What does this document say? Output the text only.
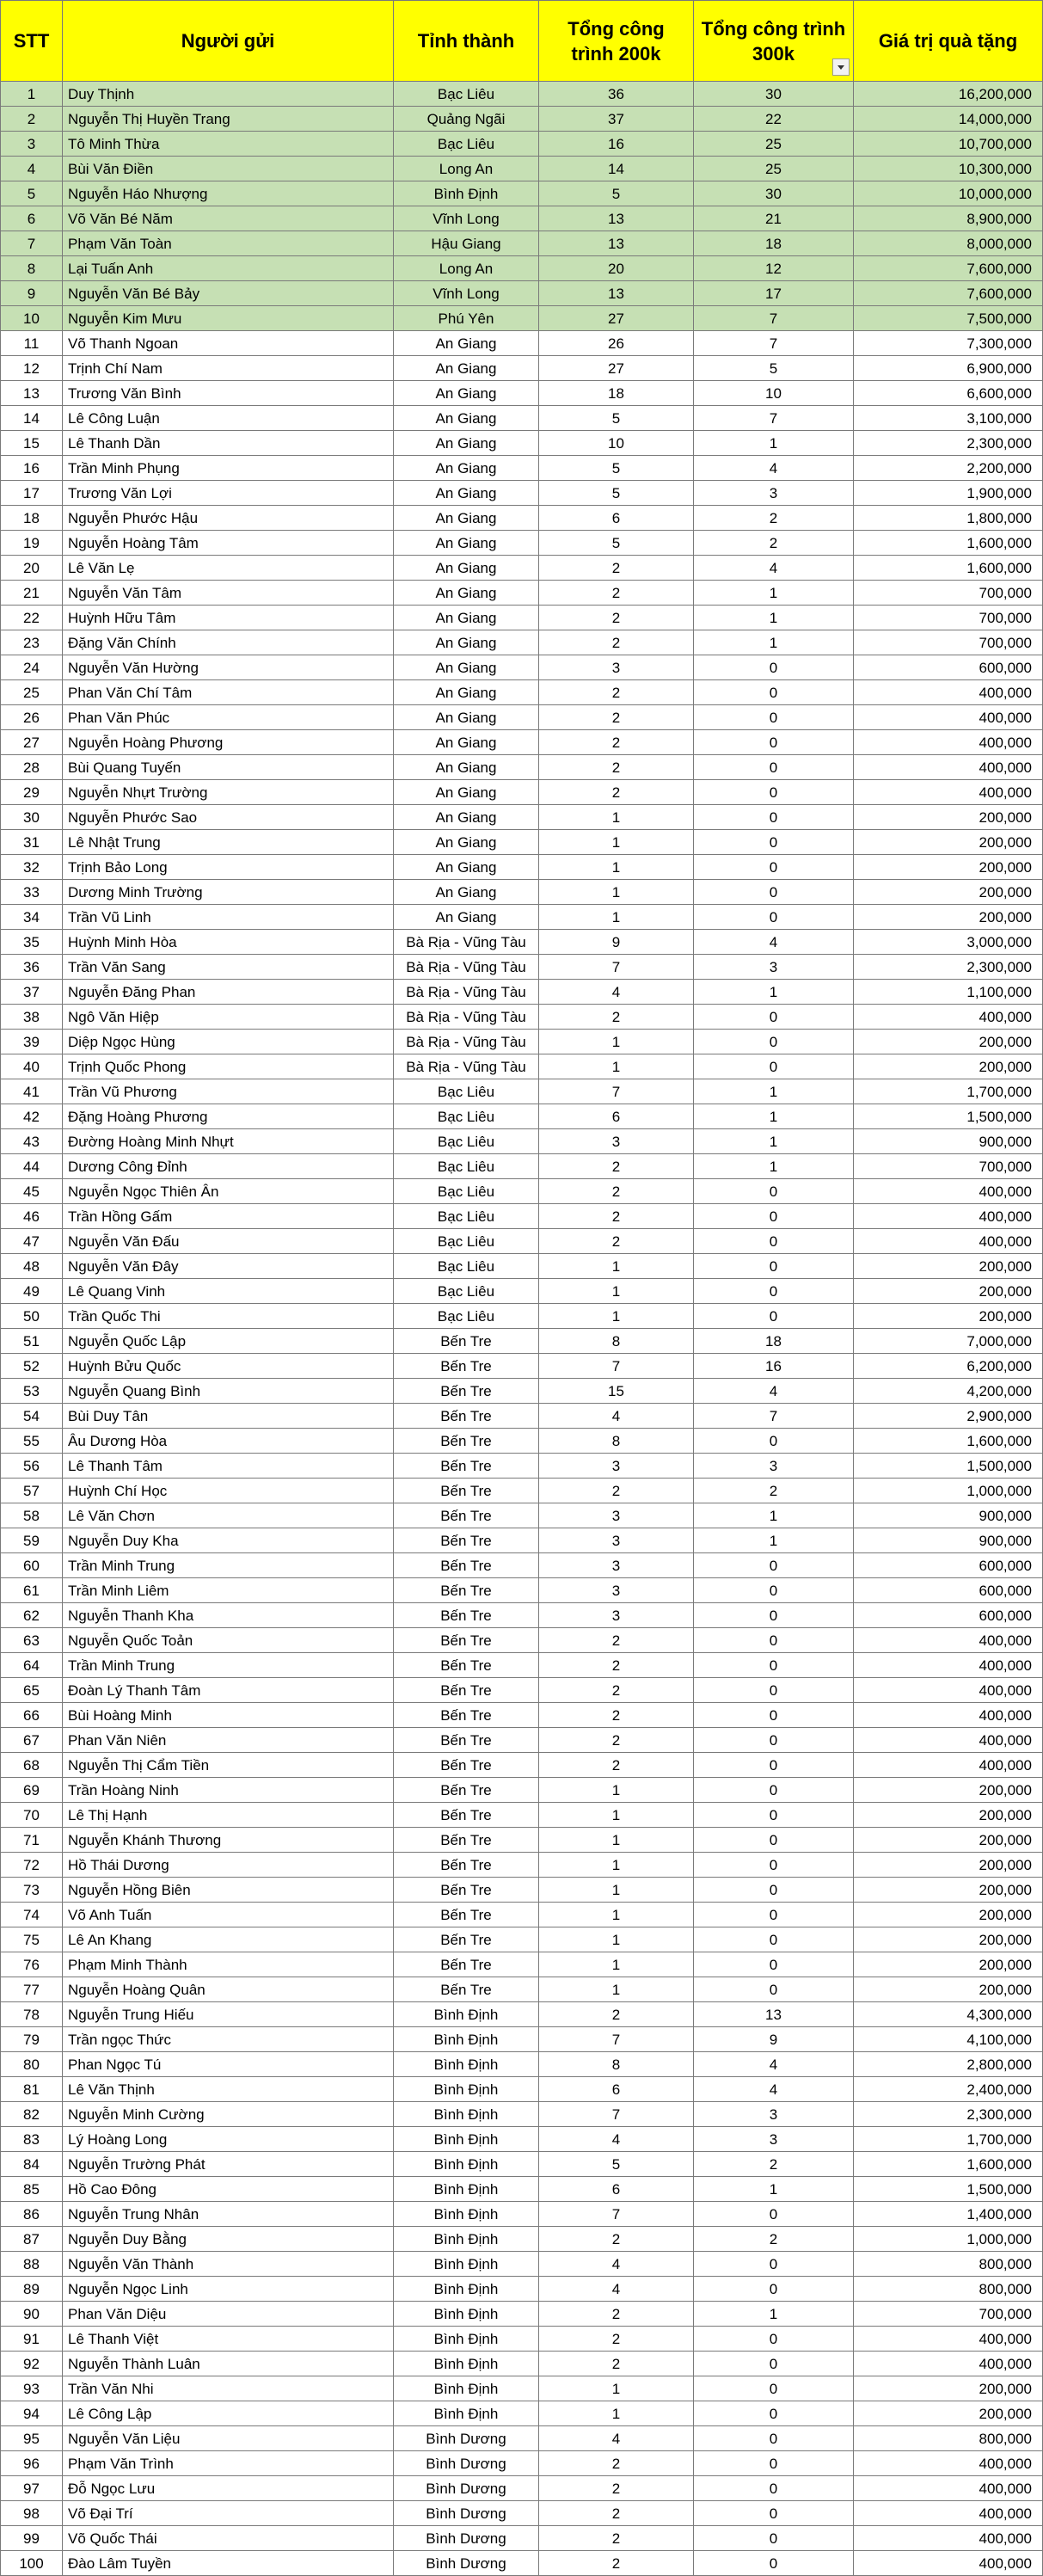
STT	Người gửi	Tỉnh thành	Tổng công trình 200k	Tổng công trình 300k	Giá trị quà tặng
1	Duy Thịnh	Bạc Liêu	36	30	16,200,000
2	Nguyễn Thị Huyền Trang	Quảng Ngãi	37	22	14,000,000
3	Tô Minh Thừa	Bạc Liêu	16	25	10,700,000
4	Bùi Văn Điền	Long An	14	25	10,300,000
5	Nguyễn Háo Nhượng	Bình Định	5	30	10,000,000
6	Võ Văn Bé Năm	Vĩnh Long	13	21	8,900,000
7	Phạm Văn Toàn	Hậu Giang	13	18	8,000,000
8	Lại Tuấn Anh	Long An	20	12	7,600,000
9	Nguyễn Văn Bé Bảy	Vĩnh Long	13	17	7,600,000
10	Nguyễn Kim Mưu	Phú Yên	27	7	7,500,000
11	Võ Thanh Ngoan	An Giang	26	7	7,300,000
12	Trịnh Chí Nam	An Giang	27	5	6,900,000
13	Trương Văn Bình	An Giang	18	10	6,600,000
14	Lê Công Luận	An Giang	5	7	3,100,000
15	Lê Thanh Dần	An Giang	10	1	2,300,000
16	Trần Minh Phụng	An Giang	5	4	2,200,000
17	Trương Văn Lợi	An Giang	5	3	1,900,000
18	Nguyễn Phước Hậu	An Giang	6	2	1,800,000
19	Nguyễn Hoàng Tâm	An Giang	5	2	1,600,000
20	Lê Văn Lẹ	An Giang	2	4	1,600,000
21	Nguyễn Văn Tâm	An Giang	2	1	700,000
22	Huỳnh Hữu Tâm	An Giang	2	1	700,000
23	Đặng Văn Chính	An Giang	2	1	700,000
24	Nguyễn Văn Hường	An Giang	3	0	600,000
25	Phan Văn Chí Tâm	An Giang	2	0	400,000
26	Phan Văn Phúc	An Giang	2	0	400,000
27	Nguyễn Hoàng Phương	An Giang	2	0	400,000
28	Bùi Quang Tuyến	An Giang	2	0	400,000
29	Nguyễn Nhựt Trường	An Giang	2	0	400,000
30	Nguyễn Phước Sao	An Giang	1	0	200,000
31	Lê Nhật Trung	An Giang	1	0	200,000
32	Trịnh Bảo Long	An Giang	1	0	200,000
33	Dương Minh Trường	An Giang	1	0	200,000
34	Trần Vũ Linh	An Giang	1	0	200,000
35	Huỳnh Minh Hòa	Bà Rịa - Vũng Tàu	9	4	3,000,000
36	Trần Văn Sang	Bà Rịa - Vũng Tàu	7	3	2,300,000
37	Nguyễn Đăng Phan	Bà Rịa - Vũng Tàu	4	1	1,100,000
38	Ngô Văn Hiệp	Bà Rịa - Vũng Tàu	2	0	400,000
39	Diệp Ngọc Hùng	Bà Rịa - Vũng Tàu	1	0	200,000
40	Trịnh Quốc Phong	Bà Rịa - Vũng Tàu	1	0	200,000
41	Trần Vũ Phương	Bạc Liêu	7	1	1,700,000
42	Đặng Hoàng Phương	Bạc Liêu	6	1	1,500,000
43	Đường Hoàng Minh Nhựt	Bạc Liêu	3	1	900,000
44	Dương Công Đỉnh	Bạc Liêu	2	1	700,000
45	Nguyễn Ngọc Thiên Ân	Bạc Liêu	2	0	400,000
46	Trần Hồng Gấm	Bạc Liêu	2	0	400,000
47	Nguyễn Văn Đấu	Bạc Liêu	2	0	400,000
48	Nguyễn Văn Đây	Bạc Liêu	1	0	200,000
49	Lê Quang Vinh	Bạc Liêu	1	0	200,000
50	Trần Quốc Thi	Bạc Liêu	1	0	200,000
51	Nguyễn Quốc Lập	Bến Tre	8	18	7,000,000
52	Huỳnh Bửu Quốc	Bến Tre	7	16	6,200,000
53	Nguyễn Quang Bình	Bến Tre	15	4	4,200,000
54	Bùi Duy Tân	Bến Tre	4	7	2,900,000
55	Âu Dương Hòa	Bến Tre	8	0	1,600,000
56	Lê Thanh Tâm	Bến Tre	3	3	1,500,000
57	Huỳnh Chí Học	Bến Tre	2	2	1,000,000
58	Lê Văn Chơn	Bến Tre	3	1	900,000
59	Nguyễn Duy Kha	Bến Tre	3	1	900,000
60	Trần Minh Trung	Bến Tre	3	0	600,000
61	Trần Minh Liêm	Bến Tre	3	0	600,000
62	Nguyễn Thanh Kha	Bến Tre	3	0	600,000
63	Nguyễn Quốc Toản	Bến Tre	2	0	400,000
64	Trần Minh Trung	Bến Tre	2	0	400,000
65	Đoàn Lý Thanh Tâm	Bến Tre	2	0	400,000
66	Bùi Hoàng Minh	Bến Tre	2	0	400,000
67	Phan Văn Niên	Bến Tre	2	0	400,000
68	Nguyễn Thị Cẩm Tiền	Bến Tre	2	0	400,000
69	Trần Hoàng Ninh	Bến Tre	1	0	200,000
70	Lê Thị Hạnh	Bến Tre	1	0	200,000
71	Nguyễn Khánh Thương	Bến Tre	1	0	200,000
72	Hồ Thái Dương	Bến Tre	1	0	200,000
73	Nguyễn Hồng Biên	Bến Tre	1	0	200,000
74	Võ Anh Tuấn	Bến Tre	1	0	200,000
75	Lê An Khang	Bến Tre	1	0	200,000
76	Phạm Minh Thành	Bến Tre	1	0	200,000
77	Nguyễn Hoàng Quân	Bến Tre	1	0	200,000
78	Nguyễn Trung Hiếu	Bình Định	2	13	4,300,000
79	Trần ngọc Thức	Bình Định	7	9	4,100,000
80	Phan Ngọc Tú	Bình Định	8	4	2,800,000
81	Lê Văn Thịnh	Bình Định	6	4	2,400,000
82	Nguyễn Minh Cường	Bình Định	7	3	2,300,000
83	Lý Hoàng Long	Bình Định	4	3	1,700,000
84	Nguyễn Trường Phát	Bình Định	5	2	1,600,000
85	Hồ Cao Đông	Bình Định	6	1	1,500,000
86	Nguyễn Trung Nhân	Bình Định	7	0	1,400,000
87	Nguyễn Duy Bằng	Bình Định	2	2	1,000,000
88	Nguyễn Văn Thành	Bình Định	4	0	800,000
89	Nguyễn Ngọc Linh	Bình Định	4	0	800,000
90	Phan Văn Diệu	Bình Định	2	1	700,000
91	Lê Thanh Việt	Bình Định	2	0	400,000
92	Nguyễn Thành Luân	Bình Định	2	0	400,000
93	Trần Văn Nhi	Bình Định	1	0	200,000
94	Lê Công Lập	Bình Định	1	0	200,000
95	Nguyễn Văn Liệu	Bình Dương	4	0	800,000
96	Phạm Văn Trình	Bình Dương	2	0	400,000
97	Đỗ Ngọc Lưu	Bình Dương	2	0	400,000
98	Võ Đại Trí	Bình Dương	2	0	400,000
99	Võ Quốc Thái	Bình Dương	2	0	400,000
100	Đào Lâm Tuyền	Bình Dương	2	0	400,000
